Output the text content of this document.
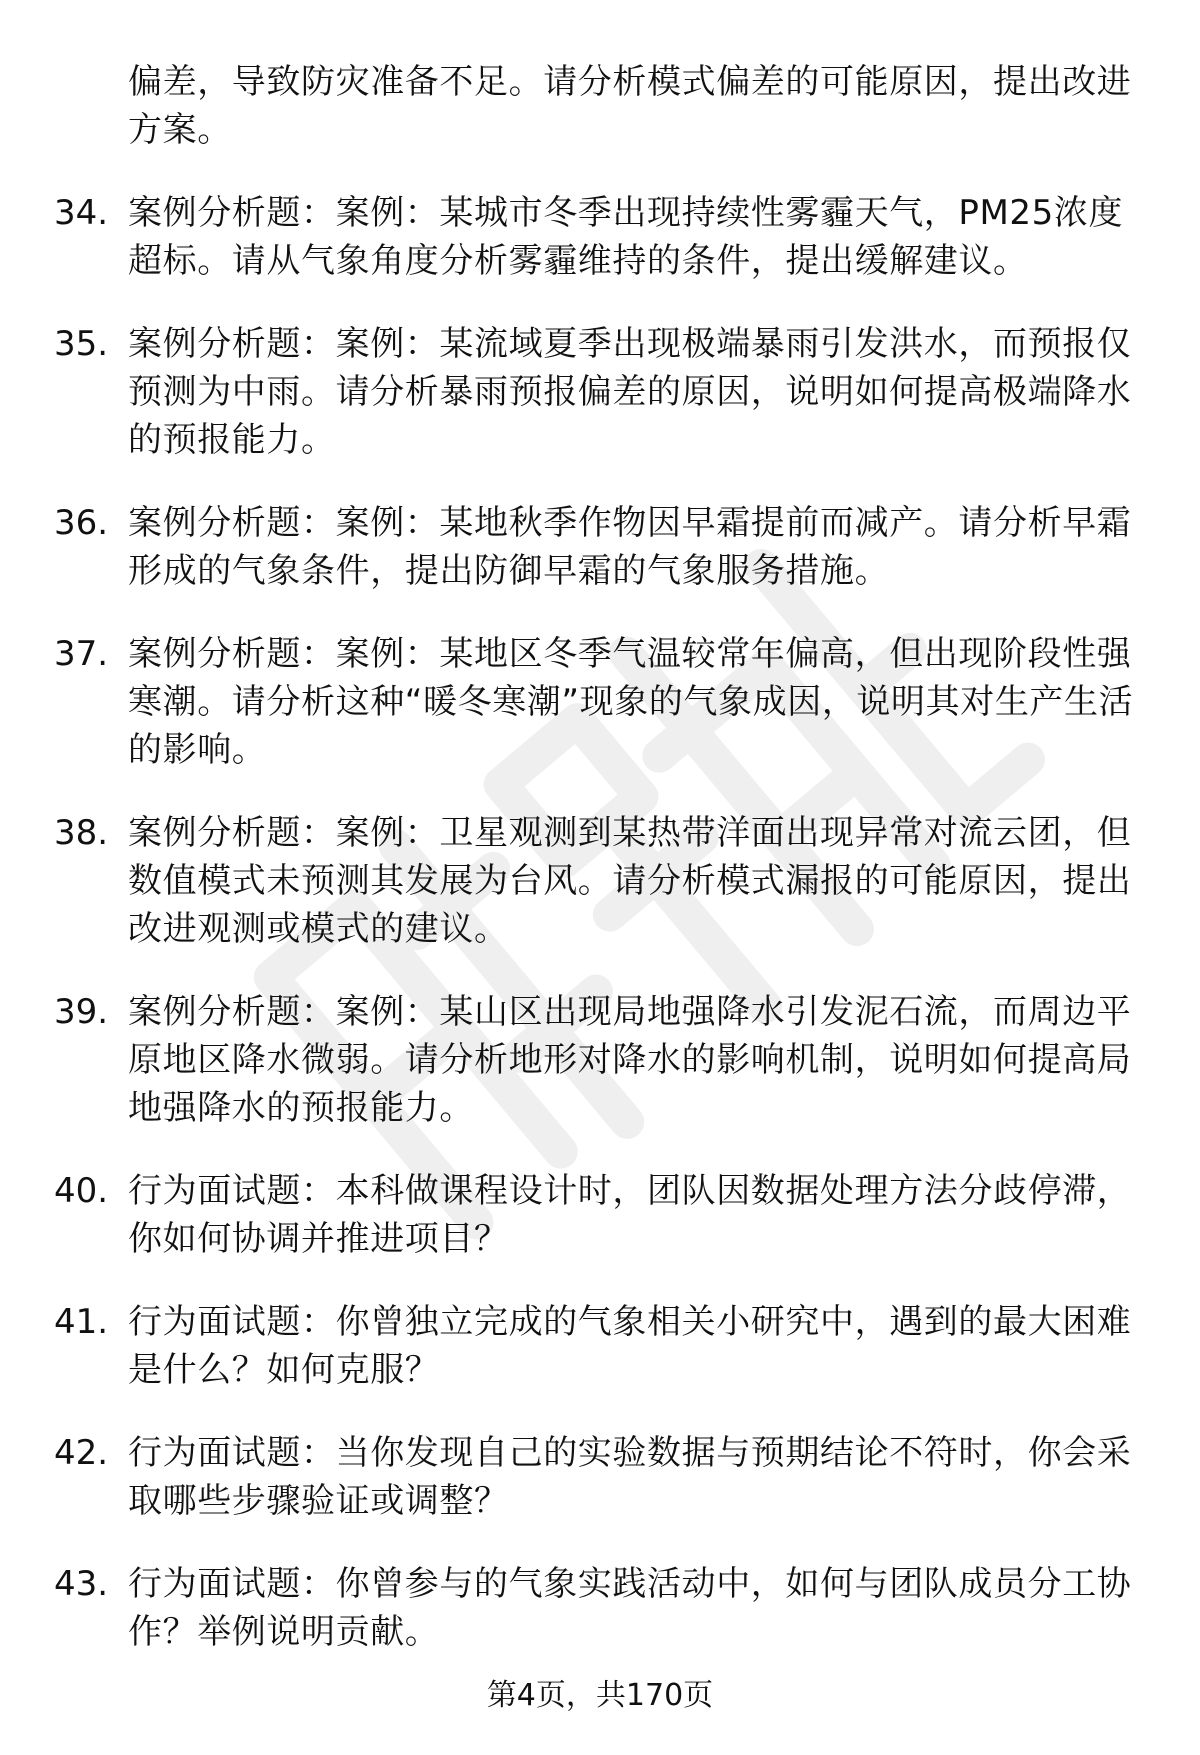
偏差，导致防灾准备不足。请分析模式偏差的可能原因，提出改进方案。
34. 案例分析题：案例：某城市冬季出现持续性雾霾天气，PM25浓度超标。请从气象角度分析雾霾维持的条件，提出缓解建议。
35. 案例分析题：案例：某流域夏季出现极端暴雨引发洪水，而预报仅预测为中雨。请分析暴雨预报偏差的原因，说明如何提高极端降水的预报能力。
36. 案例分析题：案例：某地秋季作物因早霜提前而减产。请分析早霜形成的气象条件，提出防御早霜的气象服务措施。
37. 案例分析题：案例：某地区冬季气温较常年偏高，但出现阶段性强寒潮。请分析这种“暖冬寒潮”现象的气象成因，说明其对生产生活的影响。
38. 案例分析题：案例：卫星观测到某热带洋面出现异常对流云团，但数值模式未预测其发展为台风。请分析模式漏报的可能原因，提出改进观测或模式的建议。
39. 案例分析题：案例：某山区出现局地强降水引发泥石流，而周边平原地区降水微弱。请分析地形对降水的影响机制，说明如何提高局地强降水的预报能力。
40. 行为面试题：本科做课程设计时，团队因数据处理方法分歧停滞，你如何协调并推进项目？
41. 行为面试题：你曾独立完成的气象相关小研究中，遇到的最大困难是什么？如何克服？
42. 行为面试题：当你发现自己的实验数据与预期结论不符时，你会采取哪些步骤验证或调整？
43. 行为面试题：你曾参与的气象实践活动中，如何与团队成员分工协作？举例说明贡献。
第4页，共170页
